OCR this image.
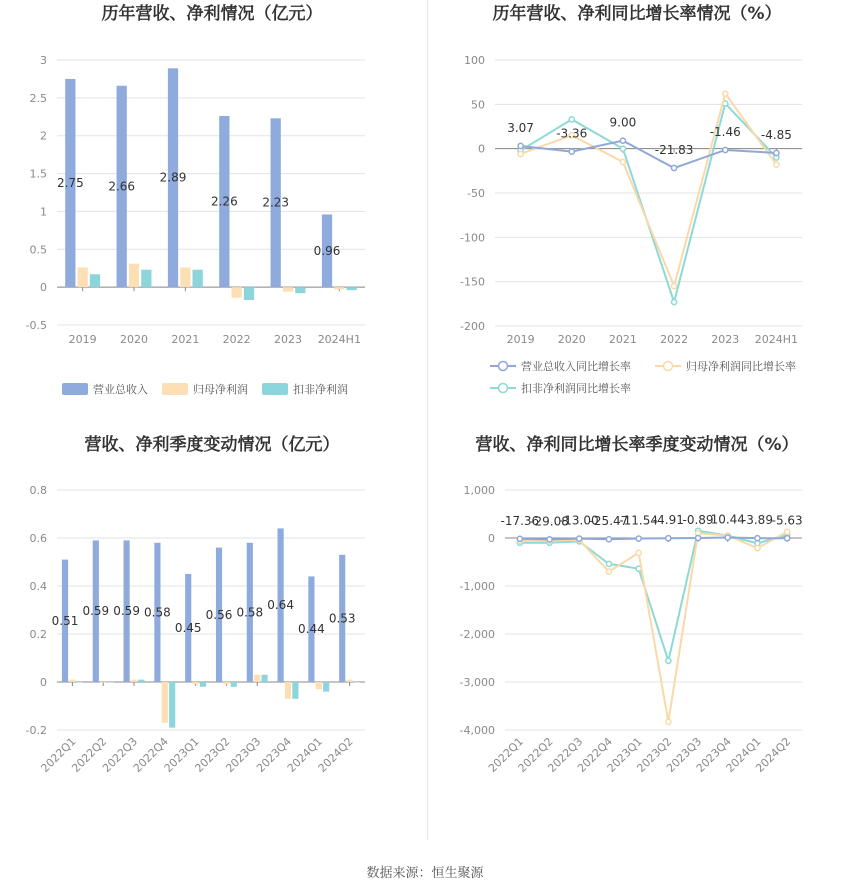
历年营收、净利情况（亿元）
-0.5
0
0.5
1
1.5
2
2.5
3
2019 2020 2021 2022 2023 2024H1
2.75 2.66
2.89
2.26 2.23
0.96
营业总收入	归母净利润	扣非净利润
历年营收、净利同比增长率情况（%）
-200
-150
-100
-50
0
50
100
2019 2020 2021 2022 2023 2024H1
3.07 -3.36
9.00
-21.83
-1.46 -4.85
营业总收入同比增长率	归母净利润同比增长率
扣非净利润同比增长率
营收、净利季度变动情况（亿元）
-0.2
0
0.2
0.4
0.6
0.8
2022Q1
2022Q2
2022Q3
2022Q4
2023Q1
2023Q2
2023Q3
2023Q4
2024Q1
2024Q2
0.51
0.59 0.59 0.58
0.45
0.56 0.58
0.64
0.44
0.53
营收、净利同比增长率季度变动情况（%）
-4,000
-3,000
-2,000
-1,000
0
1,000
2022Q1
2022Q2
2022Q3
2022Q4
2023Q1
2023Q2
2023Q3
2023Q4
2024Q1
2024Q2
-17.36
-29.08
-13.00
-25.47
-11.54
-4.91
-0.89
10.44
-3.89
-5.63
数据来源：恒生聚源
